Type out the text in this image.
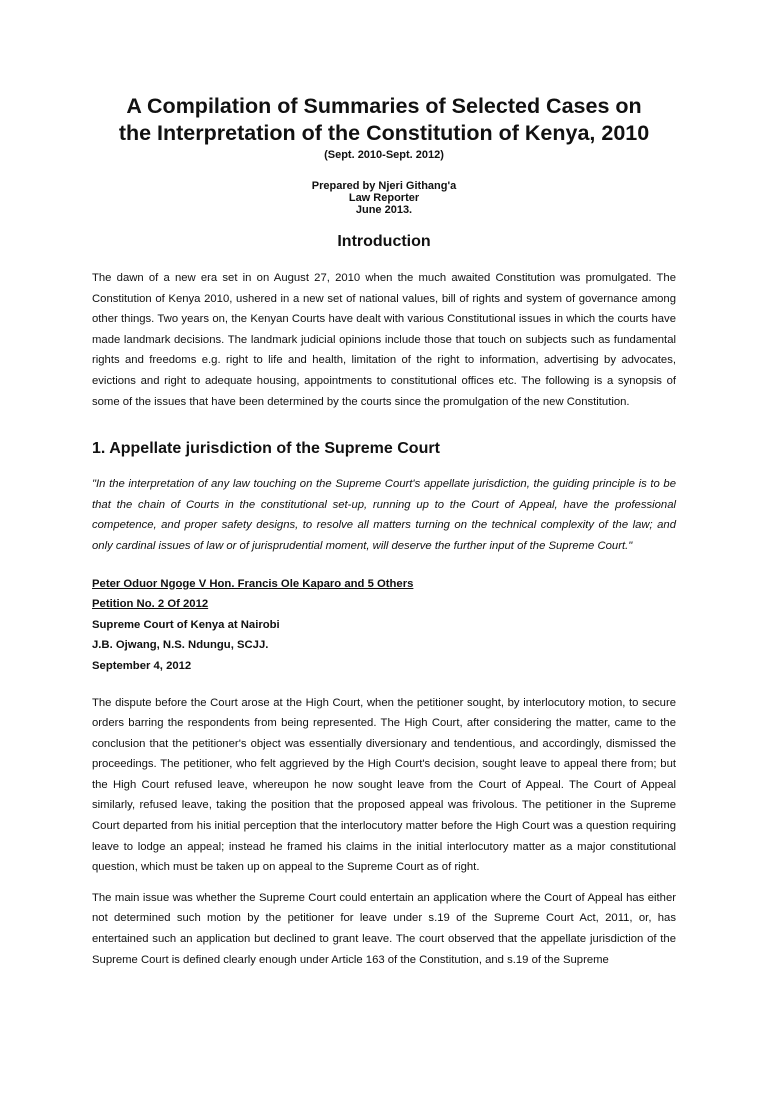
A Compilation of Summaries of Selected Cases on
the Interpretation of the Constitution of Kenya, 2010
(Sept. 2010-Sept. 2012)
Prepared by Njeri Githang'a
Law Reporter
June 2013.
Introduction

The dawn of a new era set in on August 27, 2010 when the much awaited Constitution was promulgated. The Constitution of Kenya 2010, ushered in a new set of national values, bill of rights and system of governance among other things. Two years on, the Kenyan Courts have dealt with various Constitutional issues in which the courts have made landmark decisions. The landmark judicial opinions include those that touch on subjects such as fundamental rights and freedoms e.g. right to life and health, limitation of the right to information, advertising by advocates, evictions and right to adequate housing, appointments to constitutional offices etc. The following is a synopsis of some of the issues that have been determined by the courts since the promulgation of the new Constitution.

1. Appellate jurisdiction of the Supreme Court

"In the interpretation of any law touching on the Supreme Court's appellate jurisdiction, the guiding principle is to be that the chain of Courts in the constitutional set-up, running up to the Court of Appeal, have the professional competence, and proper safety designs, to resolve all matters turning on the technical complexity of the law; and only cardinal issues of law or of jurisprudential moment, will deserve the further input of the Supreme Court."

Peter Oduor Ngoge V Hon. Francis Ole Kaparo and 5 Others
Petition No. 2 Of 2012
Supreme Court of Kenya at Nairobi
J.B. Ojwang, N.S. Ndungu, SCJJ.
September 4, 2012

The dispute before the Court arose at the High Court, when the petitioner sought, by interlocutory motion, to secure orders barring the respondents from being represented. The High Court, after considering the matter, came to the conclusion that the petitioner's object was essentially diversionary and tendentious, and accordingly, dismissed the proceedings. The petitioner, who felt aggrieved by the High Court's decision, sought leave to appeal there from; but the High Court refused leave, whereupon he now sought leave from the Court of Appeal. The Court of Appeal similarly, refused leave, taking the position that the proposed appeal was frivolous. The petitioner in the Supreme Court departed from his initial perception that the interlocutory matter before the High Court was a question requiring leave to lodge an appeal; instead he framed his claims in the initial interlocutory matter as a major constitutional question, which must be taken up on appeal to the Supreme Court as of right.

The main issue was whether the Supreme Court could entertain an application where the Court of Appeal has either not determined such motion by the petitioner for leave under s.19 of the Supreme Court Act, 2011, or, has entertained such an application but declined to grant leave. The court observed that the appellate jurisdiction of the Supreme Court is defined clearly enough under Article 163 of the Constitution, and s.19 of the Supreme
